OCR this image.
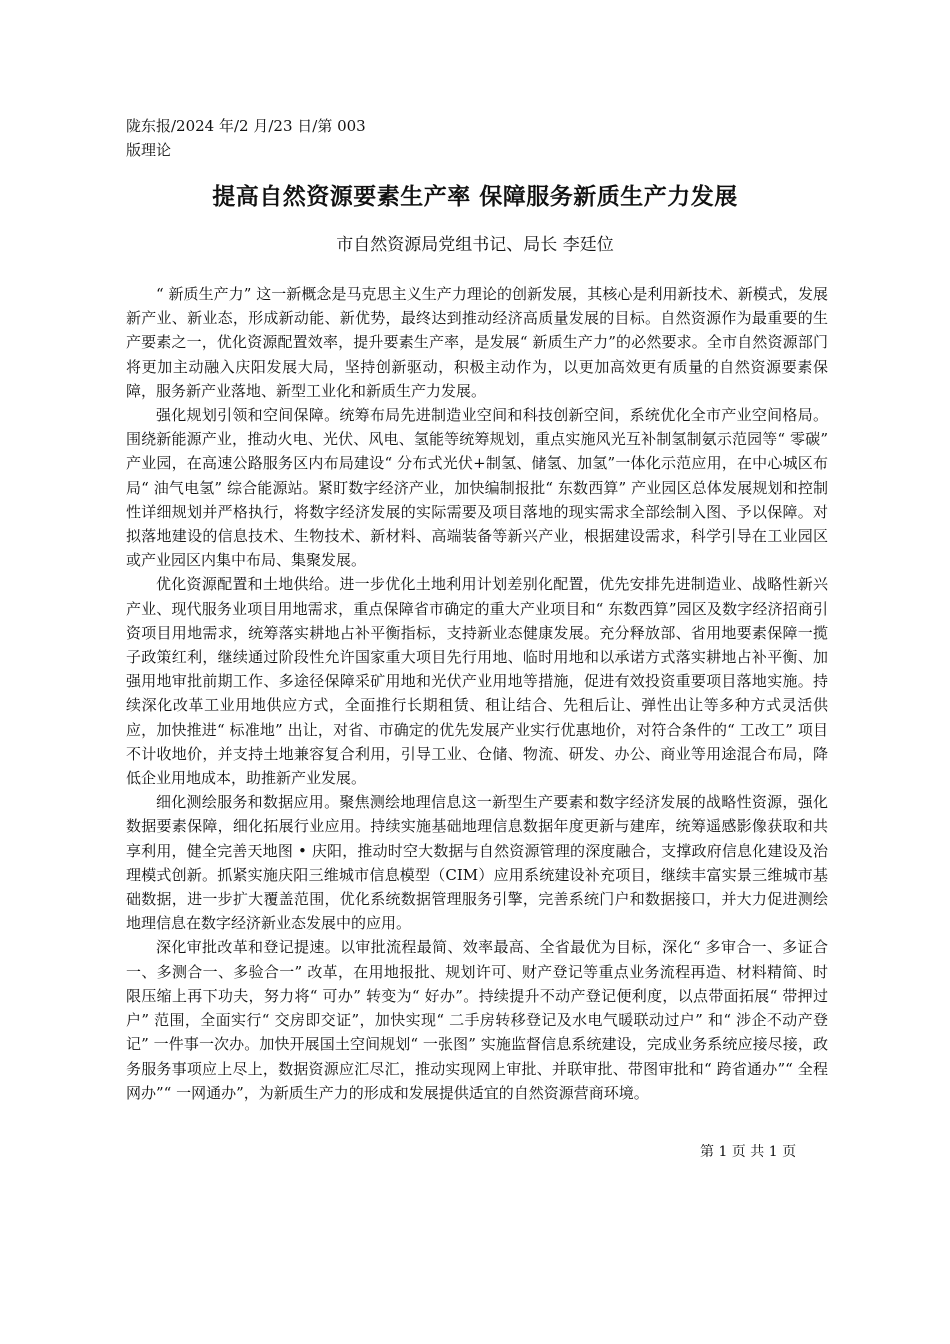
陇东报/2024 年/2 月/23 日/第 003
版理论
提高自然资源要素生产率 保障服务新质生产力发展
市自然资源局党组书记、局长 李廷位

“ 新质生产力” 这一新概念是马克思主义生产力理论的创新发展，其核心是利用新技术、新模式，发展新产业、新业态，形成新动能、新优势，最终达到推动经济高质量发展的目标。自然资源作为最重要的生产要素之一，优化资源配置效率，提升要素生产率，是发展“ 新质生产力”的必然要求。全市自然资源部门将更加主动融入庆阳发展大局，坚持创新驱动，积极主动作为，以更加高效更有质量的自然资源要素保障，服务新产业落地、新型工业化和新质生产力发展。

强化规划引领和空间保障。统筹布局先进制造业空间和科技创新空间，系统优化全市产业空间格局。围绕新能源产业，推动火电、光伏、风电、氢能等统筹规划，重点实施风光互补制氢制氨示范园等“ 零碳” 产业园，在高速公路服务区内布局建设“ 分布式光伏+制氢、储氢、加氢”一体化示范应用，在中心城区布局“ 油气电氢” 综合能源站。紧盯数字经济产业，加快编制报批“ 东数西算” 产业园区总体发展规划和控制性详细规划并严格执行，将数字经济发展的实际需要及项目落地的现实需求全部绘制入图、予以保障。对拟落地建设的信息技术、生物技术、新材料、高端装备等新兴产业，根据建设需求，科学引导在工业园区或产业园区内集中布局、集聚发展。

优化资源配置和土地供给。进一步优化土地利用计划差别化配置，优先安排先进制造业、战略性新兴产业、现代服务业项目用地需求，重点保障省市确定的重大产业项目和“ 东数西算”园区及数字经济招商引资项目用地需求，统筹落实耕地占补平衡指标，支持新业态健康发展。充分释放部、省用地要素保障一揽子政策红利，继续通过阶段性允许国家重大项目先行用地、临时用地和以承诺方式落实耕地占补平衡、加强用地审批前期工作、多途径保障采矿用地和光伏产业用地等措施，促进有效投资重要项目落地实施。持续深化改革工业用地供应方式，全面推行长期租赁、租让结合、先租后让、弹性出让等多种方式灵活供应，加快推进“ 标准地” 出让，对省、市确定的优先发展产业实行优惠地价，对符合条件的“ 工改工” 项目不计收地价，并支持土地兼容复合利用，引导工业、仓储、物流、研发、办公、商业等用途混合布局，降低企业用地成本，助推新产业发展。

细化测绘服务和数据应用。聚焦测绘地理信息这一新型生产要素和数字经济发展的战略性资源，强化数据要素保障，细化拓展行业应用。持续实施基础地理信息数据年度更新与建库，统筹遥感影像获取和共享利用，健全完善天地图 • 庆阳，推动时空大数据与自然资源管理的深度融合，支撑政府信息化建设及治理模式创新。抓紧实施庆阳三维城市信息模型（CIM）应用系统建设补充项目，继续丰富实景三维城市基础数据，进一步扩大覆盖范围，优化系统数据管理服务引擎，完善系统门户和数据接口，并大力促进测绘地理信息在数字经济新业态发展中的应用。

深化审批改革和登记提速。以审批流程最简、效率最高、全省最优为目标，深化“ 多审合一、多证合一、多测合一、多验合一” 改革，在用地报批、规划许可、财产登记等重点业务流程再造、材料精简、时限压缩上再下功夫，努力将“ 可办” 转变为“ 好办”。持续提升不动产登记便利度，以点带面拓展“ 带押过户” 范围，全面实行“ 交房即交证”，加快实现“ 二手房转移登记及水电气暖联动过户” 和“ 涉企不动产登记” 一件事一次办。加快开展国土空间规划“ 一张图” 实施监督信息系统建设，完成业务系统应接尽接，政务服务事项应上尽上，数据资源应汇尽汇，推动实现网上审批、并联审批、带图审批和“ 跨省通办”“ 全程网办”“ 一网通办”，为新质生产力的形成和发展提供适宜的自然资源营商环境。

第 1 页 共 1 页
